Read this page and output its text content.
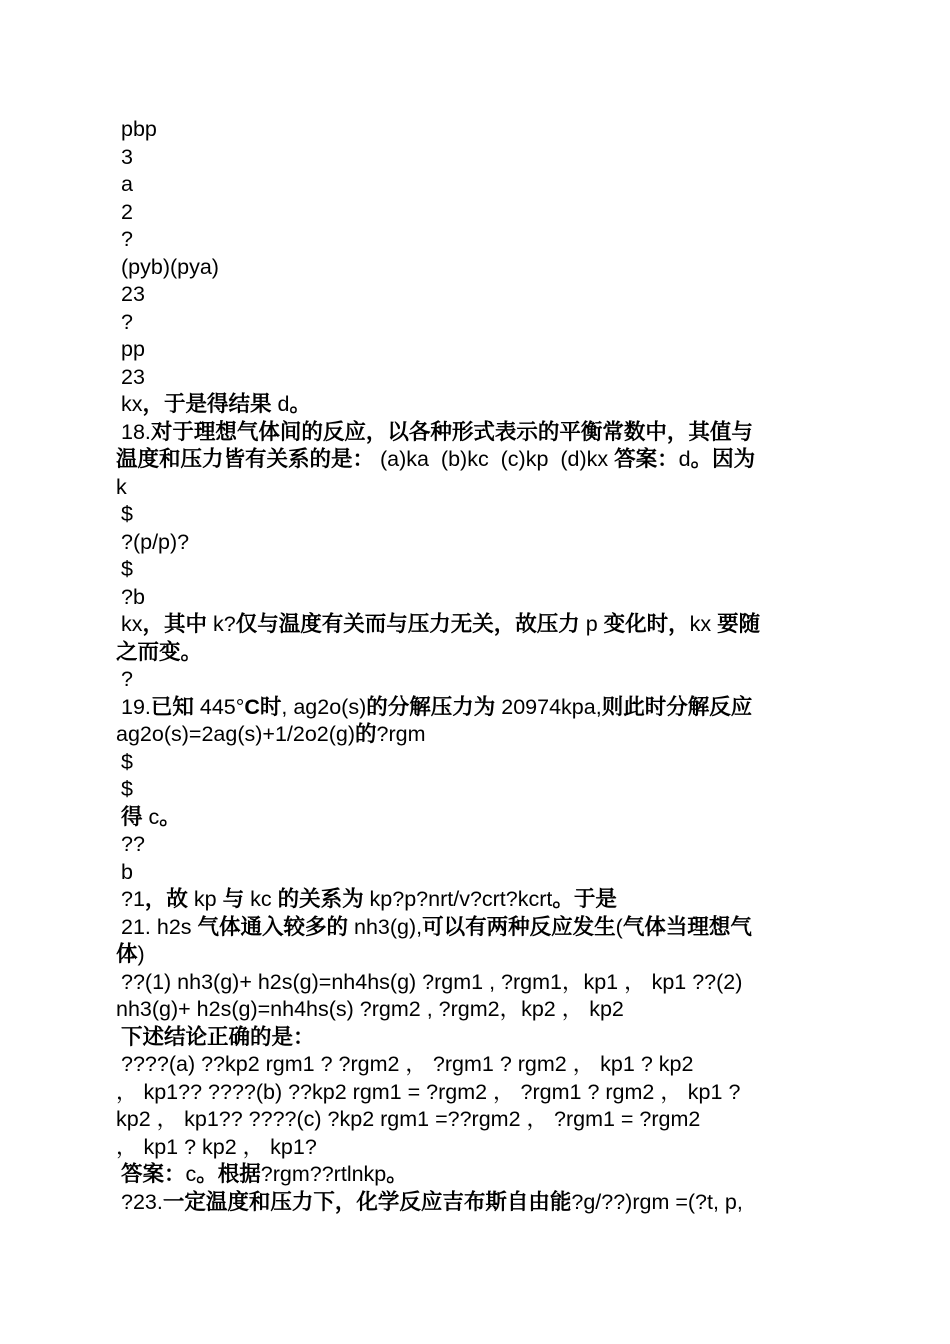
pbp
3
a
2
?
(pyb)(pya)
23
?
pp
23
kx，于是得结果 d。
18.对于理想气体间的反应，以各种形式表示的平衡常数中，其值与
温度和压力皆有关系的是： (a)ka  (b)kc  (c)kp  (d)kx 答案：d。因为
k
$
?(p/p)?
$
?b
kx，其中 k?仅与温度有关而与压力无关，故压力 p 变化时，kx 要随
之而变。
?
19.已知 445°C时, ag2o(s)的分解压力为 20974kpa,则此时分解反应
ag2o(s)=2ag(s)+1/2o2(g)的?rgm
$
$
得 c。
??
b
?1，故 kp 与 kc 的关系为 kp?p?nrt/v?crt?kcrt。于是
21. h2s 气体通入较多的 nh3(g),可以有两种反应发生(气体当理想气
体)
??(1) nh3(g)+ h2s(g)=nh4hs(g) ?rgm1 , ?rgm1，kp1 ， kp1 ??(2)
nh3(g)+ h2s(g)=nh4hs(s) ?rgm2 , ?rgm2，kp2 ， kp2
下述结论正确的是：
????(a) ??kp2 rgm1 ? ?rgm2 ， ?rgm1 ? rgm2 ， kp1 ? kp2
， kp1?? ????(b) ??kp2 rgm1 = ?rgm2 ， ?rgm1 ? rgm2 ， kp1 ?
kp2 ， kp1?? ????(c) ?kp2 rgm1 =??rgm2 ， ?rgm1 = ?rgm2
， kp1 ? kp2 ， kp1?
答案：c。根据?rgm??rtlnkp。
?23.一定温度和压力下，化学反应吉布斯自由能?g/??)rgm =(?t, p,
